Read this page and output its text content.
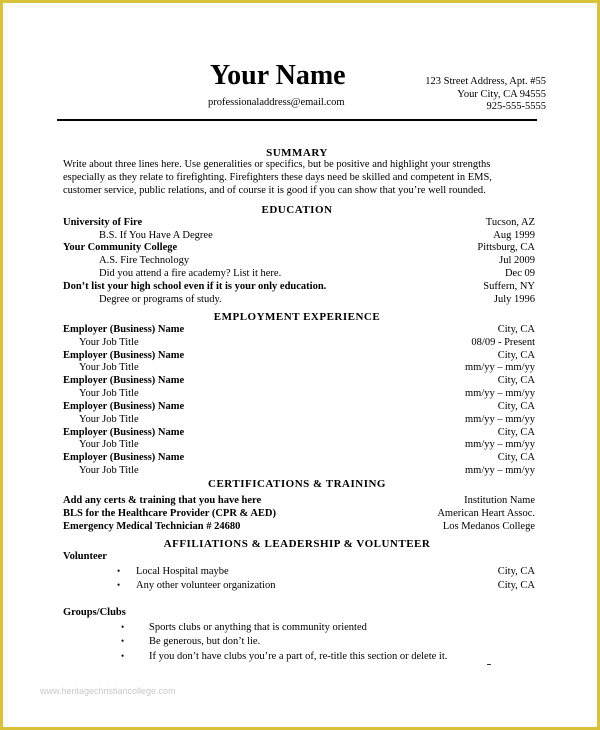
Your Name
professionaladdress@email.com
123 Street Address, Apt. #55
Your City, CA 94555
925-555-5555
SUMMARY
Write about three lines here. Use generalities or specifics, but be positive and highlight your strengths
especially as they relate to firefighting. Firefighters these days need be skilled and competent in EMS,
customer service, public relations, and of course it is good if you can show that you’re well rounded.
EDUCATION
University of Fire	Tucson, AZ
B.S. If You Have A Degree	Aug 1999
Your Community College	Pittsburg, CA
A.S. Fire Technology	Jul 2009
Did you attend a fire academy? List it here.	Dec 09
Don’t list your high school even if it is your only education.	Suffern, NY
Degree or programs of study.	July 1996
EMPLOYMENT EXPERIENCE
Employer (Business) Name	City, CA
Your Job Title	08/09 - Present
Employer (Business) Name	City, CA
Your Job Title	mm/yy – mm/yy
Employer (Business) Name	City, CA
Your Job Title	mm/yy – mm/yy
Employer (Business) Name	City, CA
Your Job Title	mm/yy – mm/yy
Employer (Business) Name	City, CA
Your Job Title	mm/yy – mm/yy
Employer (Business) Name	City, CA
Your Job Title	mm/yy – mm/yy
CERTIFICATIONS & TRAINING
Add any certs & training that you have here	Institution Name
BLS for the Healthcare Provider (CPR & AED)	American Heart Assoc.
Emergency Medical Technician # 24680	Los Medanos College
AFFILIATIONS & LEADERSHIP & VOLUNTEER
Volunteer
• Local Hospital maybe	City, CA
• Any other volunteer organization	City, CA
Groups/Clubs
• Sports clubs or anything that is community oriented
• Be generous, but don’t lie.
• If you don’t have clubs you’re a part of, re-title this section or delete it.
www.heritagechristiancollege.com
